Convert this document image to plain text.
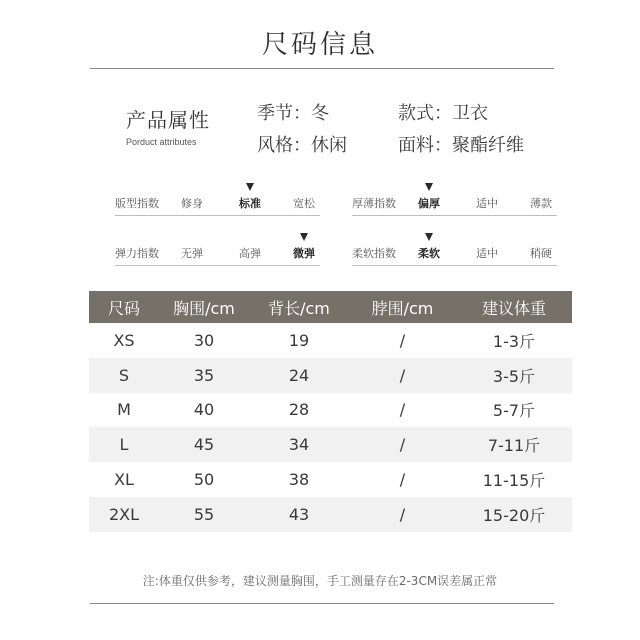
尺码信息
产品属性
Porduct attributes
季节：冬	款式：卫衣
风格：休闲	面料：聚酯纤维
版型指数 修身	标准	宽松	厚薄指数 偏厚	适中	薄款
弹力指数 无弹	高弹	微弹	柔软指数 柔软	适中	稍硬
尺码	胸围/cm	背长/cm	脖围/cm	建议体重
XS	30	19	/	1-3斤
S	35	24	/	3-5斤
M	40	28	/	5-7斤
L	45	34	/	7-11斤
XL	50	38	/	11-15斤
2XL	55	43	/	15-20斤
注:体重仅供参考，建议测量胸围，手工测量存在2-3CM误差属正常
